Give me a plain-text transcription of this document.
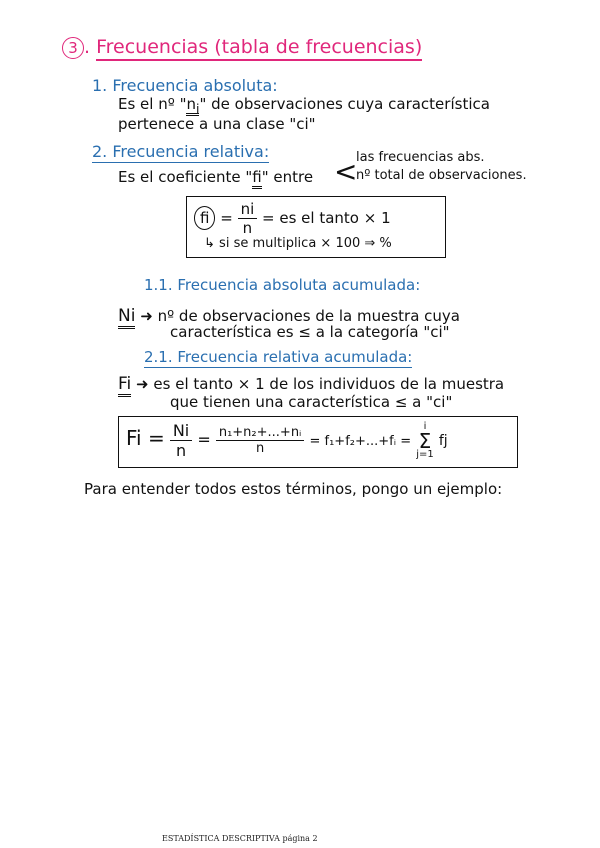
3 . Frecuencias (tabla de frecuencias)
1. Frecuencia absoluta:
Es el nº "$n_i$" de observaciones cuya característica
pertenece a una clase "ci"
2. Frecuencia relativa:
Es el coeficiente "fi" entre <
las frecuencias abs.
nº total de observaciones.
fi = $\frac{ni}{n}$ = es el tanto × 1
↳ si se multiplica × 100 ⇒ %
1.1. Frecuencia absoluta acumulada:
Ni ➜ nº de observaciones de la muestra cuya
característica es ≤ a la categoría "ci"
2.1. Frecuencia relativa acumulada:
Fi ➜ es el tanto × 1 de los individuos de la muestra
que tienen una característica ≤ a "ci"
$Fi = \frac{Ni}{n} = \frac{\text{n₁+n₂+...+nᵢ}}{n}$ = f₁+f₂+...+fᵢ = i
Σ
j=1 fj
Para entender todos estos términos, pongo un ejemplo:
ESTADÍSTICA DESCRIPTIVA página 2
